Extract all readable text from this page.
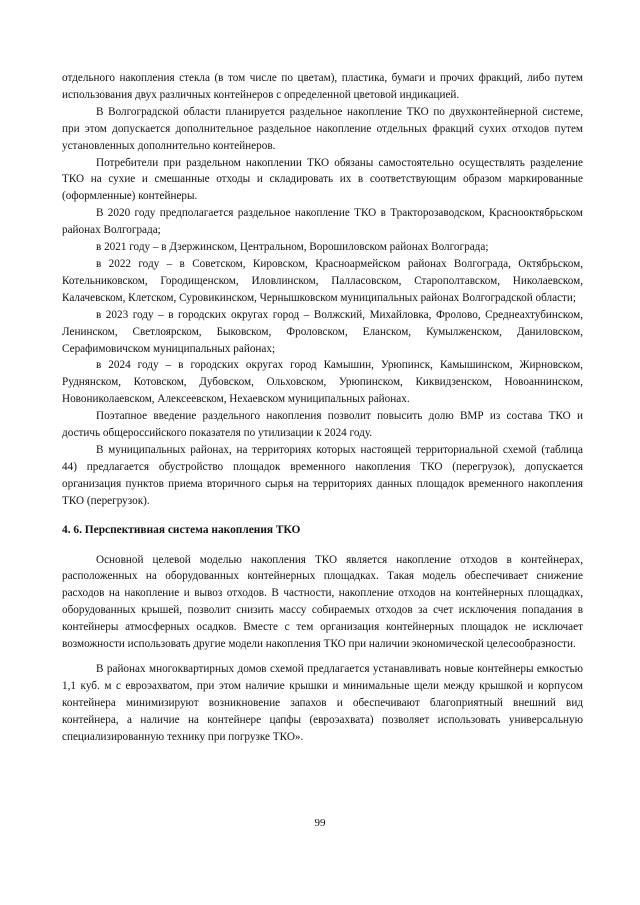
отдельного накопления стекла (в том числе по цветам), пластика, бумаги и прочих фракций, либо путем использования двух различных контейнеров с определенной цветовой индикацией.

В Волгоградской области планируется раздельное накопление ТКО по двухконтейнерной системе, при этом допускается дополнительное раздельное накопление отдельных фракций сухих отходов путем установленных дополнительно контейнеров.

Потребители при раздельном накоплении ТКО обязаны самостоятельно осуществлять разделение ТКО на сухие и смешанные отходы и складировать их в соответствующим образом маркированные (оформленные) контейнеры.

В 2020 году предполагается раздельное накопление ТКО в Тракторозаводском, Краснооктябрьском районах Волгограда;

в 2021 году – в Дзержинском, Центральном, Ворошиловском районах Волгограда;

в 2022 году – в Советском, Кировском, Красноармейском районах Волгограда, Октябрьском, Котельниковском, Городищенском, Иловлинском, Палласовском, Старополтавском, Николаевском, Калачевском, Клетском, Суровикинском, Чернышковском муниципальных районах Волгоградской области;

в 2023 году – в городских округах город – Волжский, Михайловка, Фролово, Среднеахтубинском, Ленинском, Светлоярском, Быковском, Фроловском, Еланском, Кумылженском, Даниловском, Серафимовичском муниципальных районах;

в 2024 году – в городских округах город Камышин, Урюпинск, Камышинском, Жирновском, Руднянском, Котовском, Дубовском, Ольховском, Урюпинском, Киквидзенском, Новоаннинском, Новониколаевском, Алексеевском, Нехаевском муниципальных районах.

Поэтапное введение раздельного накопления позволит повысить долю ВМР из состава ТКО и достичь общероссийского показателя по утилизации к 2024 году.

В муниципальных районах, на территориях которых настоящей территориальной схемой (таблица 44) предлагается обустройство площадок временного накопления ТКО (перегрузок), допускается организация пунктов приема вторичного сырья на территориях данных площадок временного накопления ТКО (перегрузок).

4. 6. Перспективная система накопления ТКО

Основной целевой моделью накопления ТКО является накопление отходов в контейнерах, расположенных на оборудованных контейнерных площадках. Такая модель обеспечивает снижение расходов на накопление и вывоз отходов. В частности, накопление отходов на контейнерных площадках, оборудованных крышей, позволит снизить массу собираемых отходов за счет исключения попадания в контейнеры атмосферных осадков. Вместе с тем организация контейнерных площадок не исключает возможности использовать другие модели накопления ТКО при наличии экономической целесообразности.

В районах многоквартирных домов схемой предлагается устанавливать новые контейнеры емкостью 1,1 куб. м с евроэахватом, при этом наличие крышки и минимальные щели между крышкой и корпусом контейнера минимизируют возникновение запахов и обеспечивают благоприятный внешний вид контейнера, а наличие на контейнере цапфы (евроэахвата) позволяет использовать универсальную специализированную технику при погрузке ТКО».

99
